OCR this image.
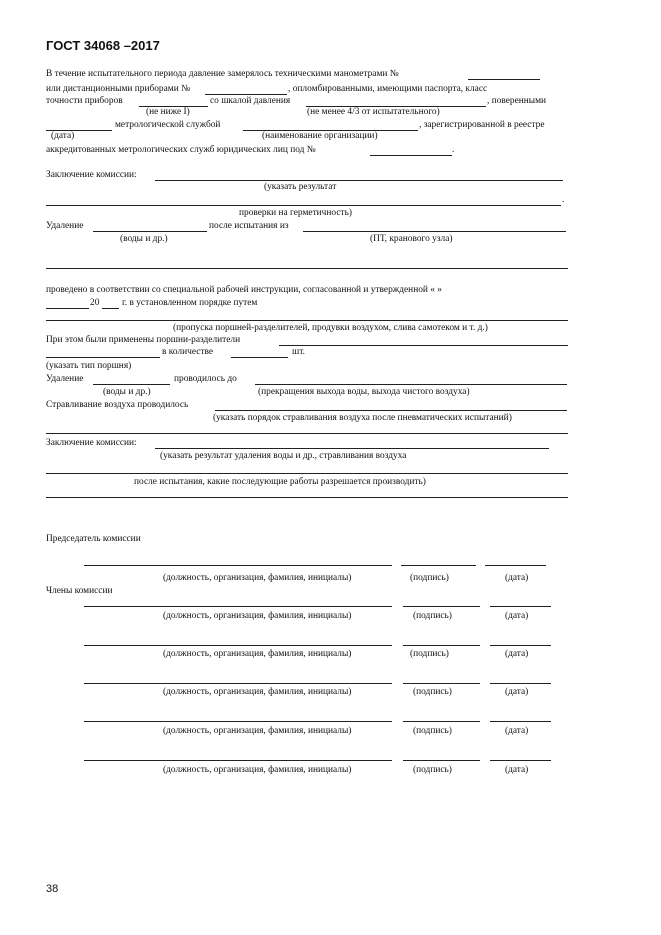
ГОСТ 34068 –2017
В течение испытательного периода давление замерялось техническими манометрами №
или дистанционными приборами №	, опломбированными, имеющими паспорта, класс
точности приборов	со шкалой давления	, поверенными
(не ниже I)	(не менее 4/3 от испытательного)
метрологической службой	, зарегистрированной в реестре
(дата)	(наименование организации)
аккредитованных метрологических служб юридических лиц под №	.
Заключение комиссии:
(указать результат
.
проверки на герметичность)
Удаление	после испытания из
(воды и др.)	(ПТ, кранового узла)
проведено в соответствии со специальной рабочей инструкции, согласованной и утвержденной « »
20 г. в установленном порядке путем
(пропуска поршней-разделителей, продувки воздухом, слива самотеком и т. д.)
При этом были применены поршни-разделители
в количестве	шт.
(указать тип поршня)
Удаление	проводилось до
(воды и др.)	(прекращения выхода воды, выхода чистого воздуха)
Стравливание воздуха проводилось
(указать порядок стравливания воздуха после пневматических испытаний)
Заключение комиссии:
(указать результат удаления воды и др., стравливания воздуха
после испытания, какие последующие работы разрешается производить)
Председатель комиссии
(должность, организация, фамилия, инициалы)	(подпись)	(дата)
Члены комиссии
(должность, организация, фамилия, инициалы)	(подпись)	(дата)
(должность, организация, фамилия, инициалы)	(подпись)	(дата)
(должность, организация, фамилия, инициалы)	(подпись)	(дата)
(должность, организация, фамилия, инициалы)	(подпись)	(дата)
(должность, организация, фамилия, инициалы)	(подпись)	(дата)
38
